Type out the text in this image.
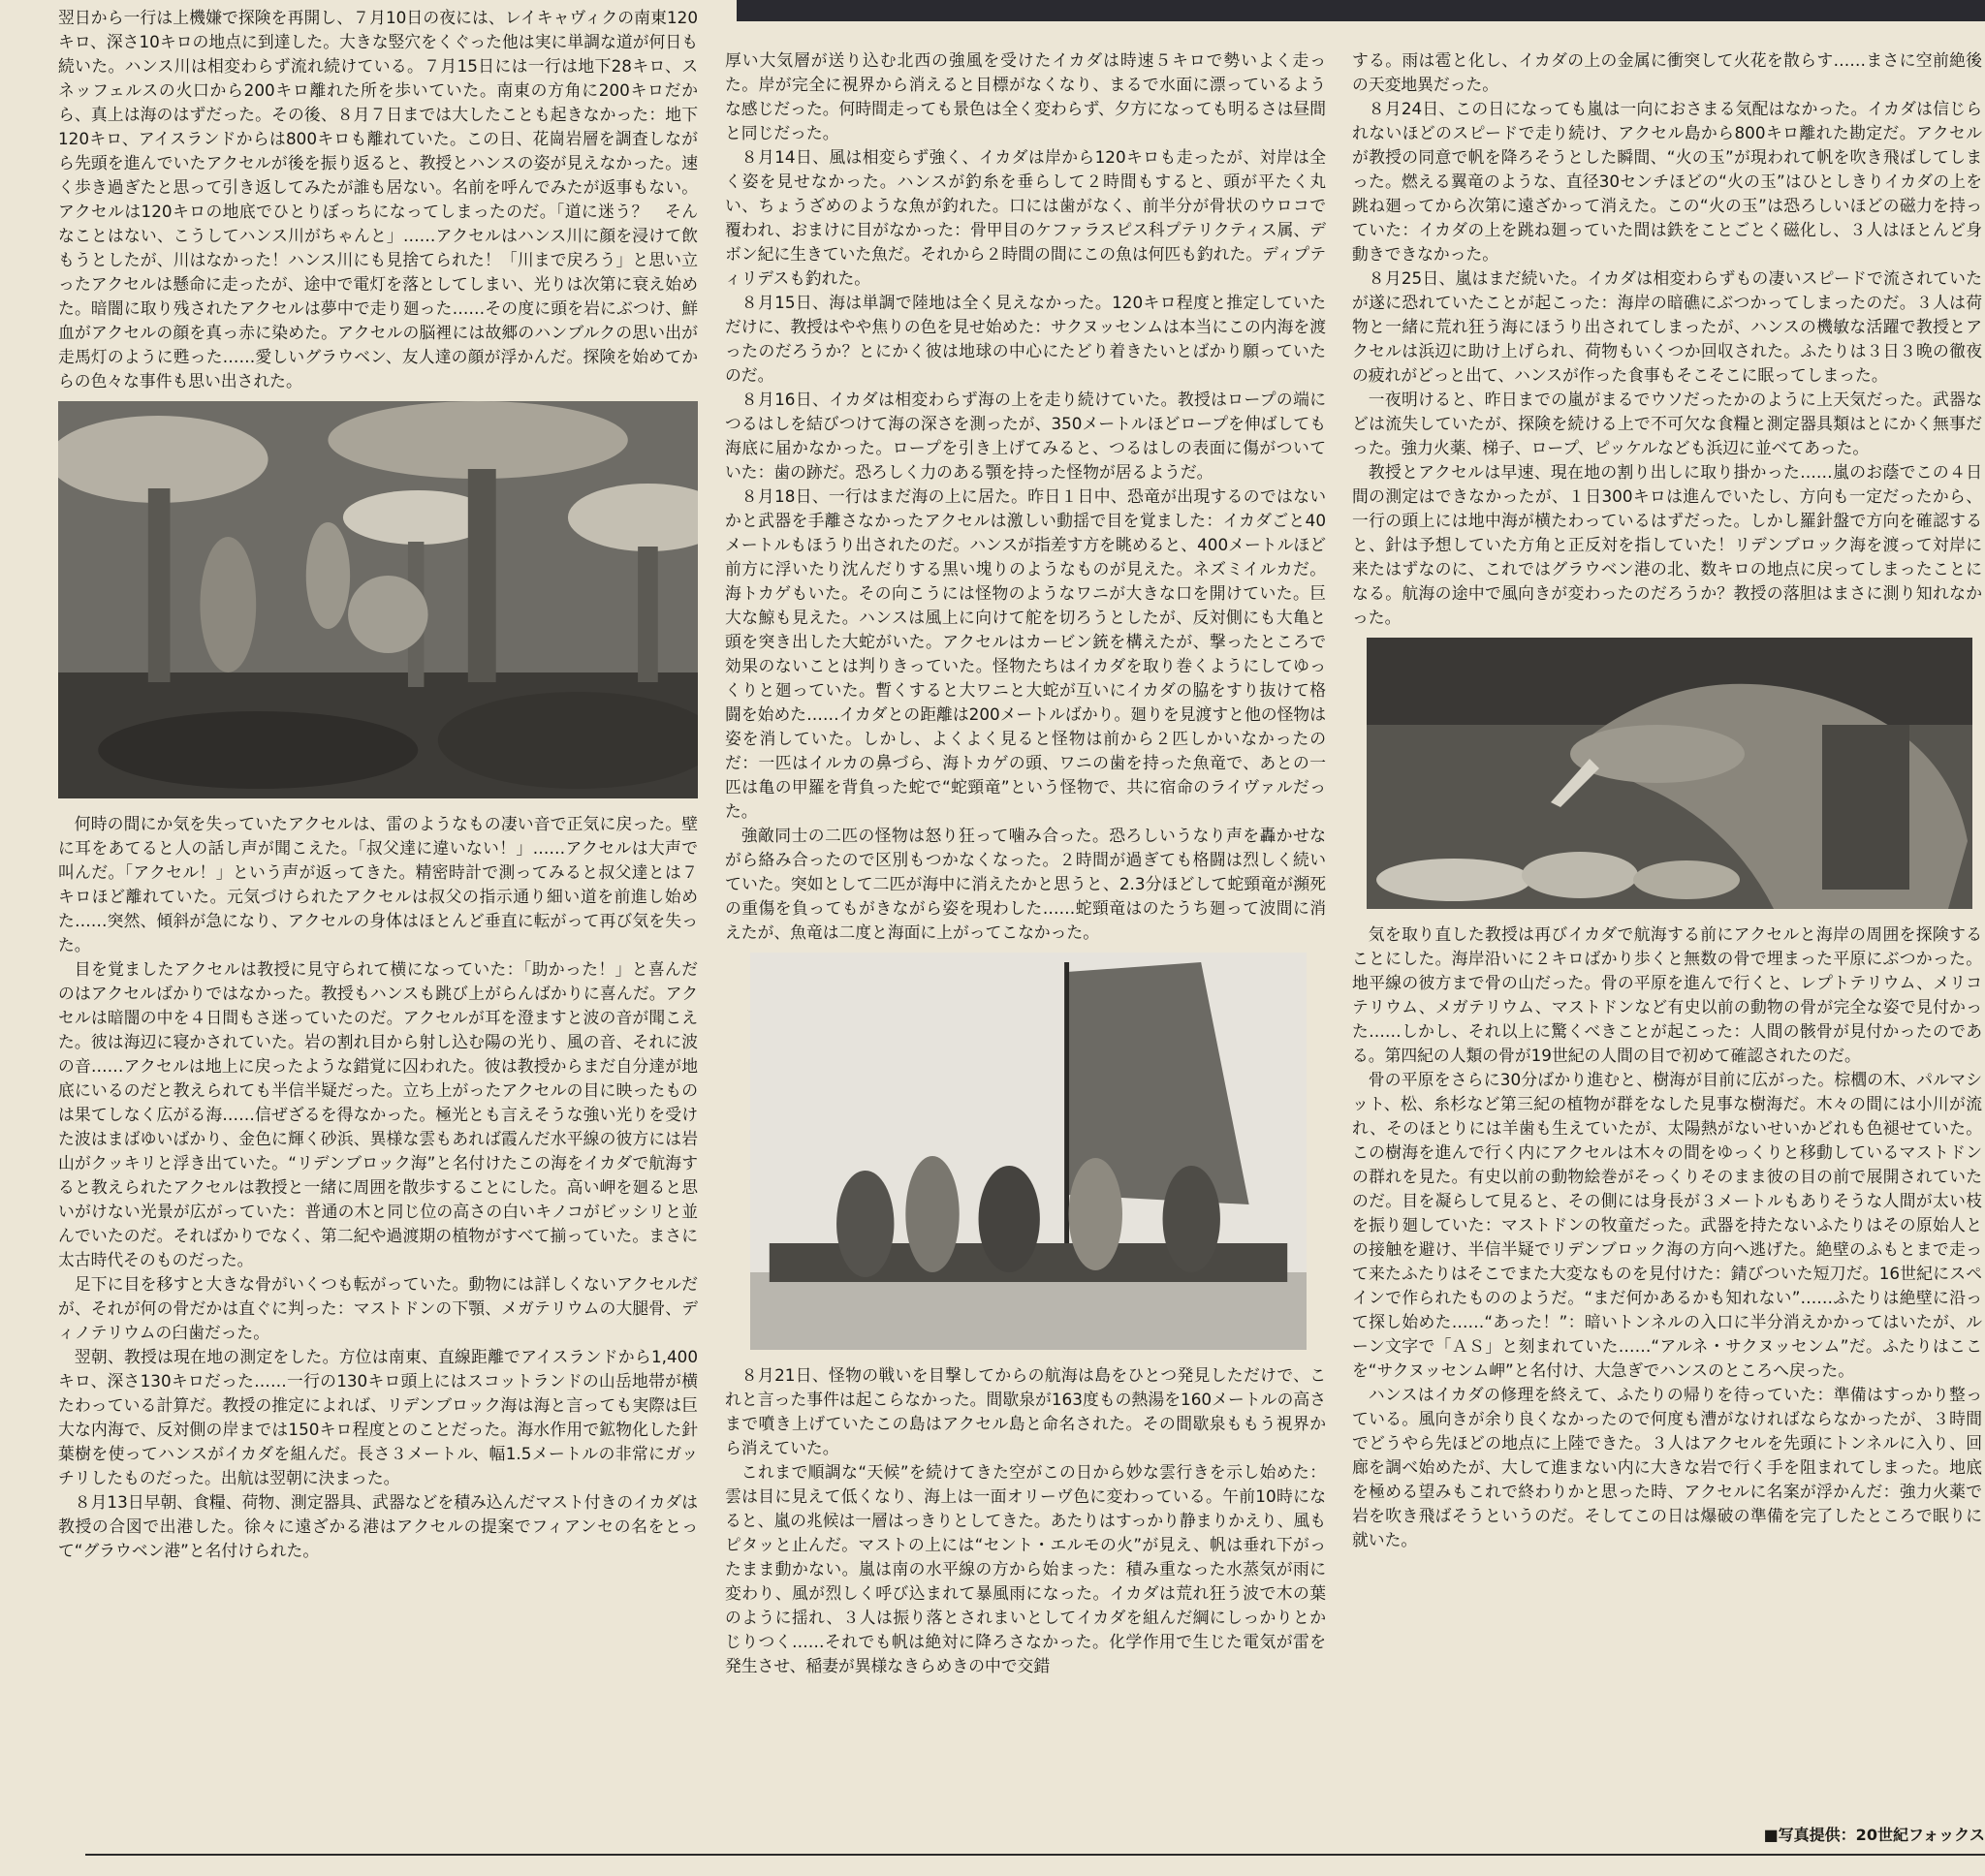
翌日から一行は上機嫌で探険を再開し、７月10日の夜には、レイキャヴィクの南東120キロ、深さ10キロの地点に到達した。大きな竪穴をくぐった他は実に単調な道が何日も続いた。ハンス川は相変わらず流れ続けている。７月15日には一行は地下28キロ、スネッフェルスの火口から200キロ離れた所を歩いていた。南東の方角に200キロだから、真上は海のはずだった。その後、８月７日までは大したことも起きなかった：地下120キロ、アイスランドからは800キロも離れていた。この日、花崗岩層を調査しながら先頭を進んでいたアクセルが後を振り返ると、教授とハンスの姿が見えなかった。速く歩き過ぎたと思って引き返してみたが誰も居ない。名前を呼んでみたが返事もない。アクセルは120キロの地底でひとりぼっちになってしまったのだ。「道に迷う？　そんなことはない、こうしてハンス川がちゃんと」……アクセルはハンス川に顔を浸けて飲もうとしたが、川はなかった！ハンス川にも見捨てられた！「川まで戻ろう」と思い立ったアクセルは懸命に走ったが、途中で電灯を落としてしまい、光りは次第に衰え始めた。暗闇に取り残されたアクセルは夢中で走り廻った……その度に頭を岩にぶつけ、鮮血がアクセルの顔を真っ赤に染めた。アクセルの脳裡には故郷のハンブルクの思い出が走馬灯のように甦った……愛しいグラウベン、友人達の顔が浮かんだ。探険を始めてからの色々な事件も思い出された。

何時の間にか気を失っていたアクセルは、雷のようなもの凄い音で正気に戻った。壁に耳をあてると人の話し声が聞こえた。「叔父達に違いない！」……アクセルは大声で叫んだ。「アクセル！」という声が返ってきた。精密時計で測ってみると叔父達とは７キロほど離れていた。元気づけられたアクセルは叔父の指示通り細い道を前進し始めた……突然、傾斜が急になり、アクセルの身体はほとんど垂直に転がって再び気を失った。

目を覚ましたアクセルは教授に見守られて横になっていた：「助かった！」と喜んだのはアクセルばかりではなかった。教授もハンスも跳び上がらんばかりに喜んだ。アクセルは暗闇の中を４日間もさ迷っていたのだ。アクセルが耳を澄ますと波の音が聞こえた。彼は海辺に寝かされていた。岩の割れ目から射し込む陽の光り、風の音、それに波の音……アクセルは地上に戻ったような錯覚に囚われた。彼は教授からまだ自分達が地底にいるのだと教えられても半信半疑だった。立ち上がったアクセルの目に映ったものは果てしなく広がる海……信ぜざるを得なかった。極光とも言えそうな強い光りを受けた波はまばゆいばかり、金色に輝く砂浜、異様な雲もあれば霞んだ水平線の彼方には岩山がクッキリと浮き出ていた。“リデンブロック海”と名付けたこの海をイカダで航海すると教えられたアクセルは教授と一緒に周囲を散歩することにした。高い岬を廻ると思いがけない光景が広がっていた：普通の木と同じ位の高さの白いキノコがビッシリと並んでいたのだ。そればかりでなく、第二紀や過渡期の植物がすべて揃っていた。まさに太古時代そのものだった。

足下に目を移すと大きな骨がいくつも転がっていた。動物には詳しくないアクセルだが、それが何の骨だかは直ぐに判った：マストドンの下顎、メガテリウムの大腿骨、ディノテリウムの臼歯だった。

翌朝、教授は現在地の測定をした。方位は南東、直線距離でアイスランドから1,400キロ、深さ130キロだった……一行の130キロ頭上にはスコットランドの山岳地帯が横たわっている計算だ。教授の推定によれば、リデンブロック海は海と言っても実際は巨大な内海で、反対側の岸までは150キロ程度とのことだった。海水作用で鉱物化した針葉樹を使ってハンスがイカダを組んだ。長さ３メートル、幅1.5メートルの非常にガッチリしたものだった。出航は翌朝に決まった。

８月13日早朝、食糧、荷物、測定器具、武器などを積み込んだマスト付きのイカダは教授の合図で出港した。徐々に遠ざかる港はアクセルの提案でフィアンセの名をとって“グラウベン港”と名付けられた。

厚い大気層が送り込む北西の強風を受けたイカダは時速５キロで勢いよく走った。岸が完全に視界から消えると目標がなくなり、まるで水面に漂っているような感じだった。何時間走っても景色は全く変わらず、夕方になっても明るさは昼間と同じだった。

８月14日、風は相変らず強く、イカダは岸から120キロも走ったが、対岸は全く姿を見せなかった。ハンスが釣糸を垂らして２時間もすると、頭が平たく丸い、ちょうざめのような魚が釣れた。口には歯がなく、前半分が骨状のウロコで覆われ、おまけに目がなかった：骨甲目のケファラスピス科プテリクティス属、デボン紀に生きていた魚だ。それから２時間の間にこの魚は何匹も釣れた。ディプティリデスも釣れた。

８月15日、海は単調で陸地は全く見えなかった。120キロ程度と推定していただけに、教授はやや焦りの色を見せ始めた：サクヌッセンムは本当にこの内海を渡ったのだろうか？とにかく彼は地球の中心にたどり着きたいとばかり願っていたのだ。

８月16日、イカダは相変わらず海の上を走り続けていた。教授はロープの端につるはしを結びつけて海の深さを測ったが、350メートルほどロープを伸ばしても海底に届かなかった。ロープを引き上げてみると、つるはしの表面に傷がついていた：歯の跡だ。恐ろしく力のある顎を持った怪物が居るようだ。

８月18日、一行はまだ海の上に居た。昨日１日中、恐竜が出現するのではないかと武器を手離さなかったアクセルは激しい動揺で目を覚ました：イカダごと40メートルもほうり出されたのだ。ハンスが指差す方を眺めると、400メートルほど前方に浮いたり沈んだりする黒い塊りのようなものが見えた。ネズミイルカだ。海トカゲもいた。その向こうには怪物のようなワニが大きな口を開けていた。巨大な鯨も見えた。ハンスは風上に向けて舵を切ろうとしたが、反対側にも大亀と頭を突き出した大蛇がいた。アクセルはカービン銃を構えたが、撃ったところで効果のないことは判りきっていた。怪物たちはイカダを取り巻くようにしてゆっくりと廻っていた。暫くすると大ワニと大蛇が互いにイカダの脇をすり抜けて格闘を始めた……イカダとの距離は200メートルばかり。廻りを見渡すと他の怪物は姿を消していた。しかし、よくよく見ると怪物は前から２匹しかいなかったのだ：一匹はイルカの鼻づら、海トカゲの頭、ワニの歯を持った魚竜で、あとの一匹は亀の甲羅を背負った蛇で“蛇頸竜”という怪物で、共に宿命のライヴァルだった。

強敵同士の二匹の怪物は怒り狂って噛み合った。恐ろしいうなり声を轟かせながら絡み合ったので区別もつかなくなった。２時間が過ぎても格闘は烈しく続いていた。突如として二匹が海中に消えたかと思うと、2.3分ほどして蛇頸竜が瀕死の重傷を負ってもがきながら姿を現わした……蛇頸竜はのたうち廻って波間に消えたが、魚竜は二度と海面に上がってこなかった。

８月21日、怪物の戦いを目撃してからの航海は島をひとつ発見しただけで、これと言った事件は起こらなかった。間歇泉が163度もの熱湯を160メートルの高さまで噴き上げていたこの島はアクセル島と命名された。その間歇泉ももう視界から消えていた。

これまで順調な“天候”を続けてきた空がこの日から妙な雲行きを示し始めた：雲は目に見えて低くなり、海上は一面オリーヴ色に変わっている。午前10時になると、嵐の兆候は一層はっきりとしてきた。あたりはすっかり静まりかえり、風もピタッと止んだ。マストの上には“セント・エルモの火”が見え、帆は垂れ下がったまま動かない。嵐は南の水平線の方から始まった：積み重なった水蒸気が雨に変わり、風が烈しく呼び込まれて暴風雨になった。イカダは荒れ狂う波で木の葉のように揺れ、３人は振り落とされまいとしてイカダを組んだ綱にしっかりとかじりつく……それでも帆は絶対に降ろさなかった。化学作用で生じた電気が雷を発生させ、稲妻が異様なきらめきの中で交錯

する。雨は雹と化し、イカダの上の金属に衝突して火花を散らす……まさに空前絶後の天変地異だった。

８月24日、この日になっても嵐は一向におさまる気配はなかった。イカダは信じられないほどのスピードで走り続け、アクセル島から800キロ離れた勘定だ。アクセルが教授の同意で帆を降ろそうとした瞬間、“火の玉”が現われて帆を吹き飛ばしてしまった。燃える翼竜のような、直径30センチほどの“火の玉”はひとしきりイカダの上を跳ね廻ってから次第に遠ざかって消えた。この“火の玉”は恐ろしいほどの磁力を持っていた：イカダの上を跳ね廻っていた間は鉄をことごとく磁化し、３人はほとんど身動きできなかった。

８月25日、嵐はまだ続いた。イカダは相変わらずもの凄いスピードで流されていたが遂に恐れていたことが起こった：海岸の暗礁にぶつかってしまったのだ。３人は荷物と一緒に荒れ狂う海にほうり出されてしまったが、ハンスの機敏な活躍で教授とアクセルは浜辺に助け上げられ、荷物もいくつか回収された。ふたりは３日３晩の徹夜の疲れがどっと出て、ハンスが作った食事もそこそこに眠ってしまった。

一夜明けると、昨日までの嵐がまるでウソだったかのように上天気だった。武器などは流失していたが、探険を続ける上で不可欠な食糧と測定器具類はとにかく無事だった。強力火薬、梯子、ロープ、ピッケルなども浜辺に並べてあった。

教授とアクセルは早速、現在地の割り出しに取り掛かった……嵐のお蔭でこの４日間の測定はできなかったが、１日300キロは進んでいたし、方向も一定だったから、一行の頭上には地中海が横たわっているはずだった。しかし羅針盤で方向を確認すると、針は予想していた方角と正反対を指していた！リデンブロック海を渡って対岸に来たはずなのに、これではグラウベン港の北、数キロの地点に戻ってしまったことになる。航海の途中で風向きが変わったのだろうか？教授の落胆はまさに測り知れなかった。

気を取り直した教授は再びイカダで航海する前にアクセルと海岸の周囲を探険することにした。海岸沿いに２キロばかり歩くと無数の骨で埋まった平原にぶつかった。地平線の彼方まで骨の山だった。骨の平原を進んで行くと、レプトテリウム、メリコテリウム、メガテリウム、マストドンなど有史以前の動物の骨が完全な姿で見付かった……しかし、それ以上に驚くべきことが起こった：人間の骸骨が見付かったのである。第四紀の人類の骨が19世紀の人間の目で初めて確認されたのだ。

骨の平原をさらに30分ばかり進むと、樹海が目前に広がった。棕櫚の木、パルマシット、松、糸杉など第三紀の植物が群をなした見事な樹海だ。木々の間には小川が流れ、そのほとりには羊歯も生えていたが、太陽熱がないせいかどれも色褪せていた。この樹海を進んで行く内にアクセルは木々の間をゆっくりと移動しているマストドンの群れを見た。有史以前の動物絵巻がそっくりそのまま彼の目の前で展開されていたのだ。目を凝らして見ると、その側には身長が３メートルもありそうな人間が太い枝を振り廻していた：マストドンの牧童だった。武器を持たないふたりはその原始人との接触を避け、半信半疑でリデンブロック海の方向へ逃げた。絶壁のふもとまで走って来たふたりはそこでまた大変なものを見付けた：錆びついた短刀だ。16世紀にスペインで作られたもののようだ。“まだ何かあるかも知れない”……ふたりは絶壁に沿って探し始めた……“あった！”：暗いトンネルの入口に半分消えかかってはいたが、ルーン文字で「ＡＳ」と刻まれていた……“アルネ・サクヌッセンム”だ。ふたりはここを“サクヌッセンム岬”と名付け、大急ぎでハンスのところへ戻った。

ハンスはイカダの修理を終えて、ふたりの帰りを待っていた：準備はすっかり整っている。風向きが余り良くなかったので何度も漕がなければならなかったが、３時間でどうやら先ほどの地点に上陸できた。３人はアクセルを先頭にトンネルに入り、回廊を調べ始めたが、大して進まない内に大きな岩で行く手を阻まれてしまった。地底を極める望みもこれで終わりかと思った時、アクセルに名案が浮かんだ：強力火薬で岩を吹き飛ばそうというのだ。そしてこの日は爆破の準備を完了したところで眠りに就いた。

■写真提供：20世紀フォックス
